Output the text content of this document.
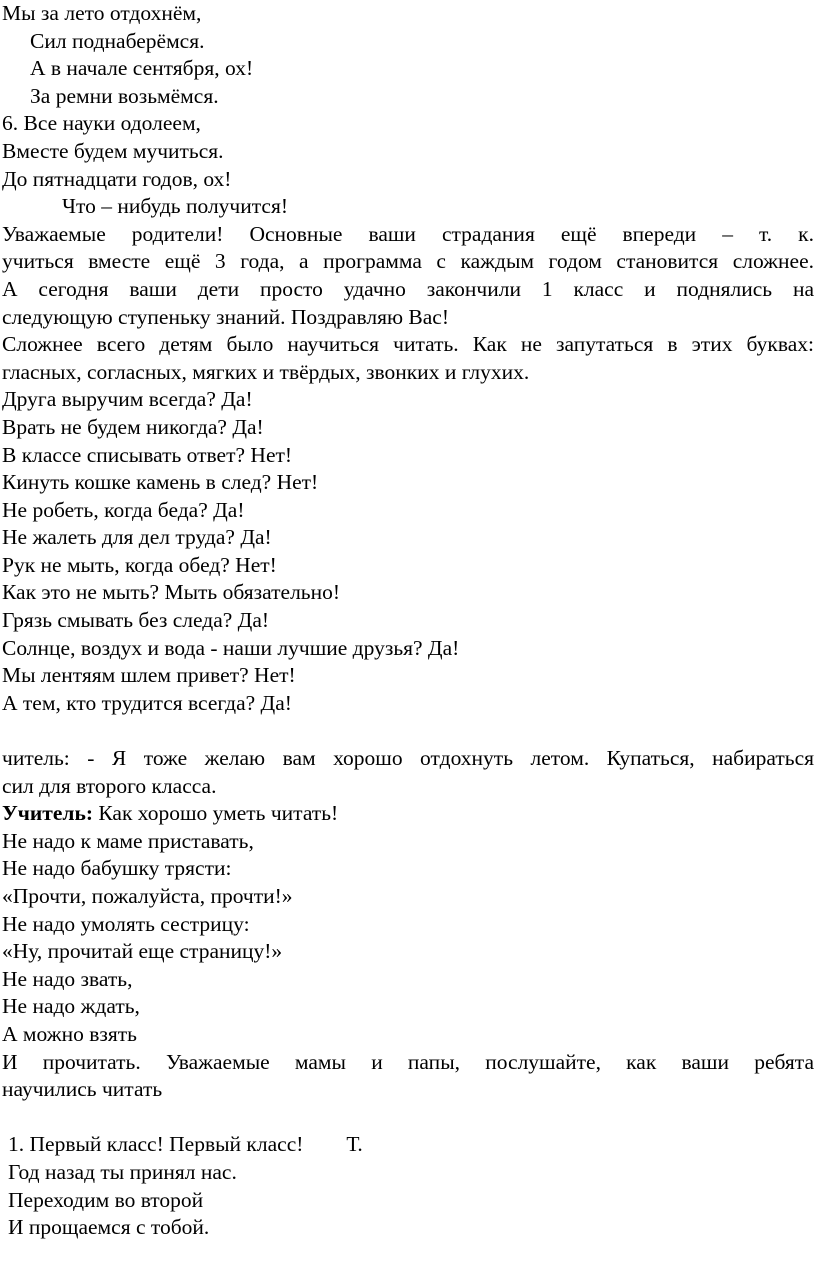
Мы за лето отдохнём,
Сил поднаберёмся.
А в начале сентября, ох!
За ремни возьмёмся.
6. Все науки одолеем,
Вместе будем мучиться.
До пятнадцати годов, ох!
Что – нибудь получится!
Уважаемые родители! Основные ваши страдания ещё впереди – т. к.
учиться вместе ещё 3 года, а программа с каждым годом становится сложнее.
А сегодня ваши дети просто удачно закончили 1 класс и поднялись на
следующую ступеньку знаний. Поздравляю Вас!
Сложнее всего детям было научиться читать. Как не запутаться в этих буквах:
гласных, согласных, мягких и твёрдых, звонких и глухих.
Друга выручим всегда? Да!
Врать не будем никогда? Да!
В классе списывать ответ? Нет!
Кинуть кошке камень в след? Нет!
Не робеть, когда беда? Да!
Не жалеть для дел труда? Да!
Рук не мыть, когда обед? Нет!
Как это не мыть? Мыть обязательно!
Грязь смывать без следа? Да!
Солнце, воздух и вода - наши лучшие друзья? Да!
Мы лентяям шлем привет? Нет!
А тем, кто трудится всегда? Да!
читель: - Я тоже желаю вам хорошо отдохнуть летом. Купаться, набираться
сил для второго класса.
Учитель: Как хорошо уметь читать!
Не надо к маме приставать,
Не надо бабушку трясти:
«Прочти, пожалуйста, прочти!»
Не надо умолять сестрицу:
«Ну, прочитай еще страницу!»
Не надо звать,
Не надо ждать,
А можно взять
И прочитать. Уважаемые мамы и папы, послушайте, как ваши ребята
научились читать
1. Первый класс! Первый класс!        Т.
Год назад ты принял нас.
Переходим во второй
И прощаемся с тобой.
